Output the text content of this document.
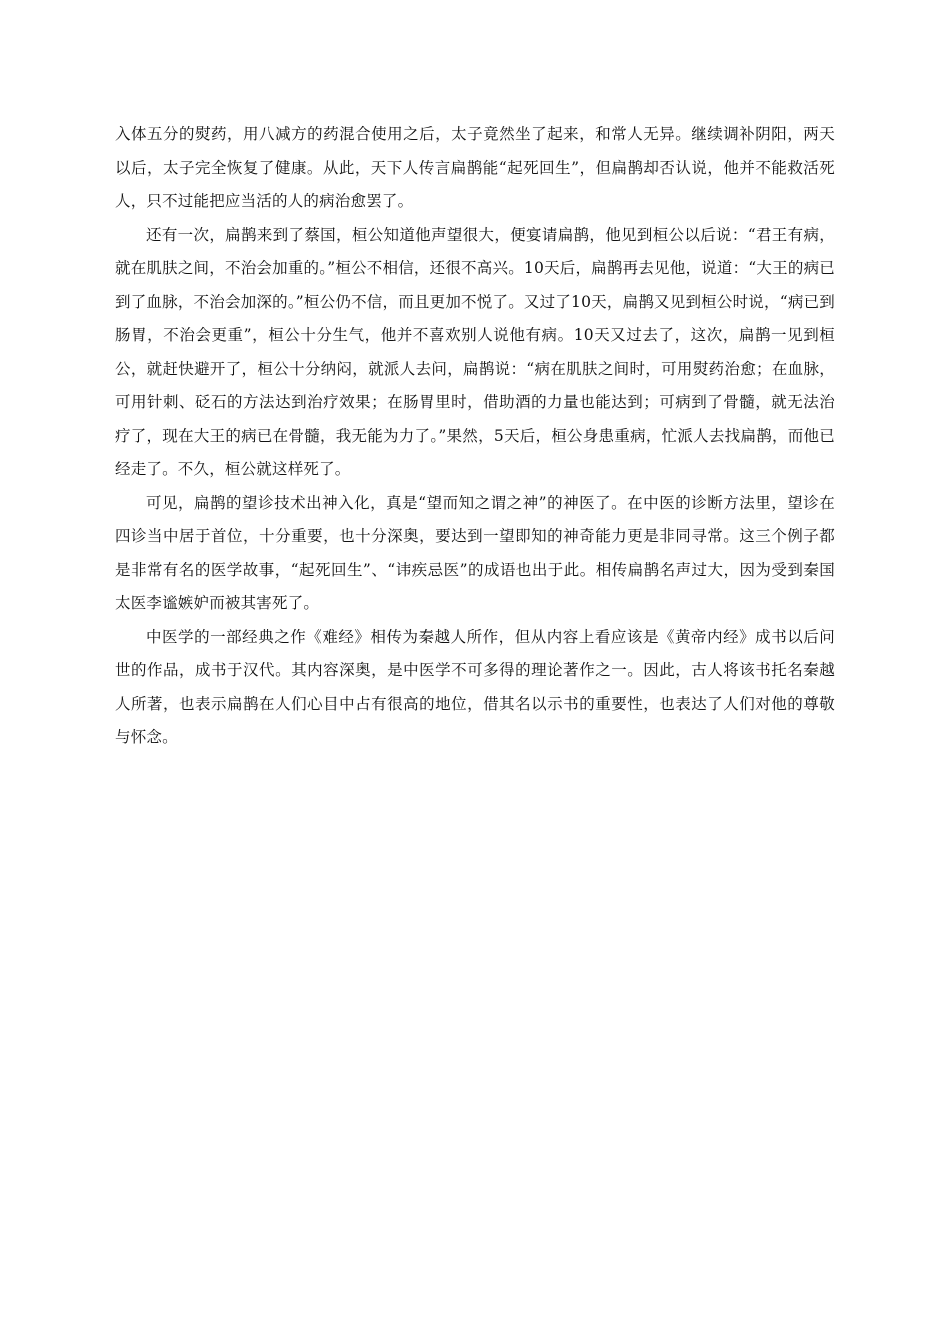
入体五分的熨药，用八减方的药混合使用之后，太子竟然坐了起来，和常人无异。继续调补阴阳，两天以后，太子完全恢复了健康。从此，天下人传言扁鹊能“起死回生”，但扁鹊却否认说，他并不能救活死人，只不过能把应当活的人的病治愈罢了。

还有一次，扁鹊来到了蔡国，桓公知道他声望很大，便宴请扁鹊，他见到桓公以后说：“君王有病，就在肌肤之间，不治会加重的。”桓公不相信，还很不高兴。10天后，扁鹊再去见他，说道：“大王的病已到了血脉，不治会加深的。”桓公仍不信，而且更加不悦了。又过了10天，扁鹊又见到桓公时说，“病已到肠胃，不治会更重”，桓公十分生气，他并不喜欢别人说他有病。10天又过去了，这次，扁鹊一见到桓公，就赶快避开了，桓公十分纳闷，就派人去问，扁鹊说：“病在肌肤之间时，可用熨药治愈；在血脉，可用针刺、砭石的方法达到治疗效果；在肠胃里时，借助酒的力量也能达到；可病到了骨髓，就无法治疗了，现在大王的病已在骨髓，我无能为力了。”果然，5天后，桓公身患重病，忙派人去找扁鹊，而他已经走了。不久，桓公就这样死了。

可见，扁鹊的望诊技术出神入化，真是“望而知之谓之神”的神医了。在中医的诊断方法里，望诊在四诊当中居于首位，十分重要，也十分深奥，要达到一望即知的神奇能力更是非同寻常。这三个例子都是非常有名的医学故事，“起死回生”、“讳疾忌医”的成语也出于此。相传扁鹊名声过大，因为受到秦国太医李谧嫉妒而被其害死了。

中医学的一部经典之作《难经》相传为秦越人所作，但从内容上看应该是《黄帝内经》成书以后问世的作品，成书于汉代。其内容深奥，是中医学不可多得的理论著作之一。因此，古人将该书托名秦越人所著，也表示扁鹊在人们心目中占有很高的地位，借其名以示书的重要性，也表达了人们对他的尊敬与怀念。
